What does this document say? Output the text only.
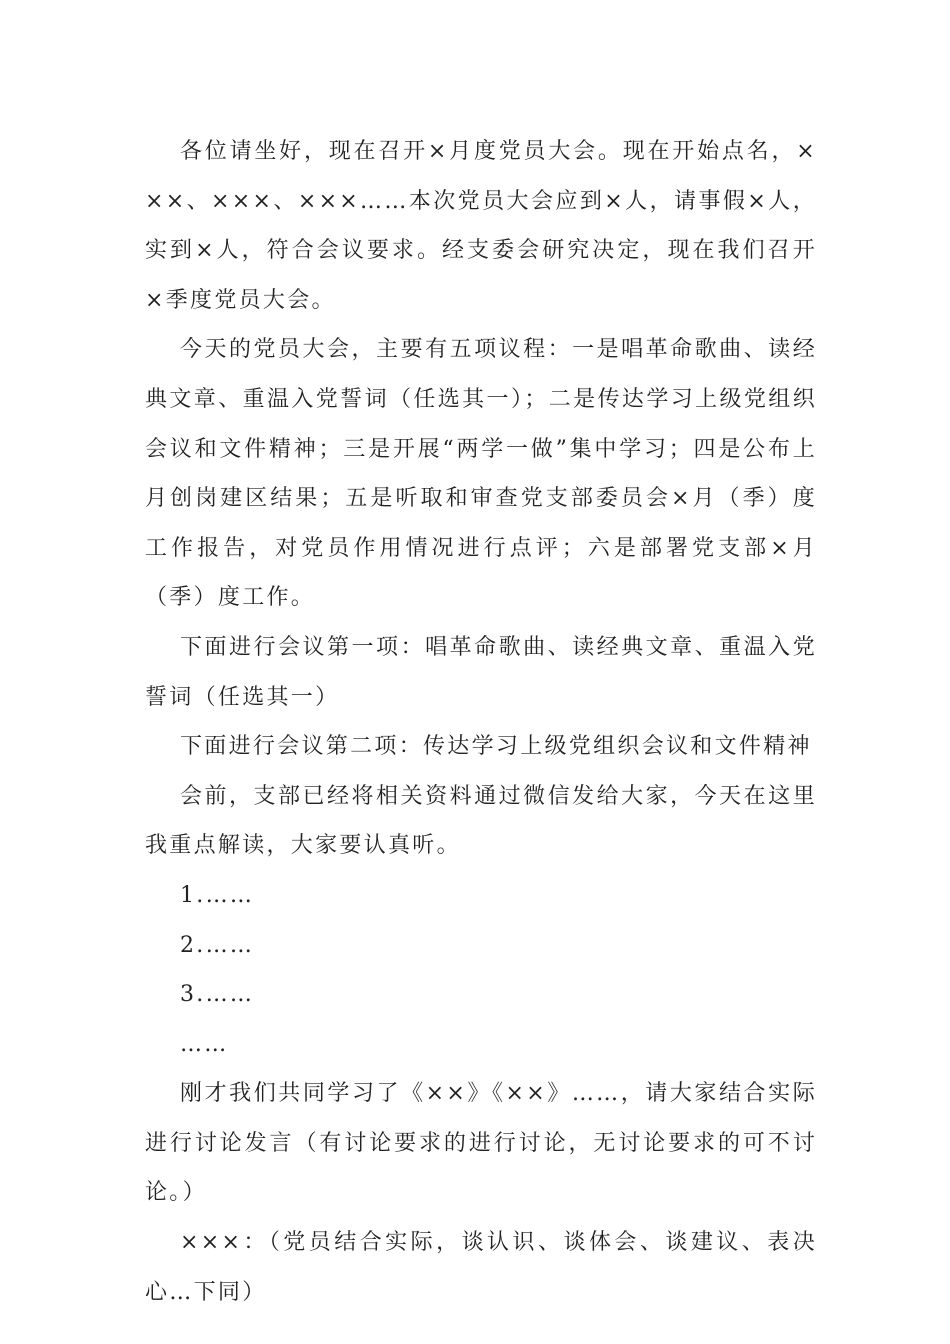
各位请坐好，现在召开×月度党员大会。现在开始点名，×××、×××、×××……本次党员大会应到×人，请事假×人，实到×人，符合会议要求。经支委会研究决定，现在我们召开×季度党员大会。

今天的党员大会，主要有五项议程：一是唱革命歌曲、读经典文章、重温入党誓词（任选其一）；二是传达学习上级党组织会议和文件精神；三是开展“两学一做”集中学习；四是公布上月创岗建区结果；五是听取和审查党支部委员会×月（季）度工作报告，对党员作用情况进行点评；六是部署党支部×月（季）度工作。

下面进行会议第一项：唱革命歌曲、读经典文章、重温入党誓词（任选其一）

下面进行会议第二项：传达学习上级党组织会议和文件精神

会前，支部已经将相关资料通过微信发给大家，今天在这里我重点解读，大家要认真听。

1.……

2.……

3.……

……

刚才我们共同学习了《××》《××》……，请大家结合实际进行讨论发言（有讨论要求的进行讨论，无讨论要求的可不讨论。）

×××：（党员结合实际，谈认识、谈体会、谈建议、表决心…下同）
